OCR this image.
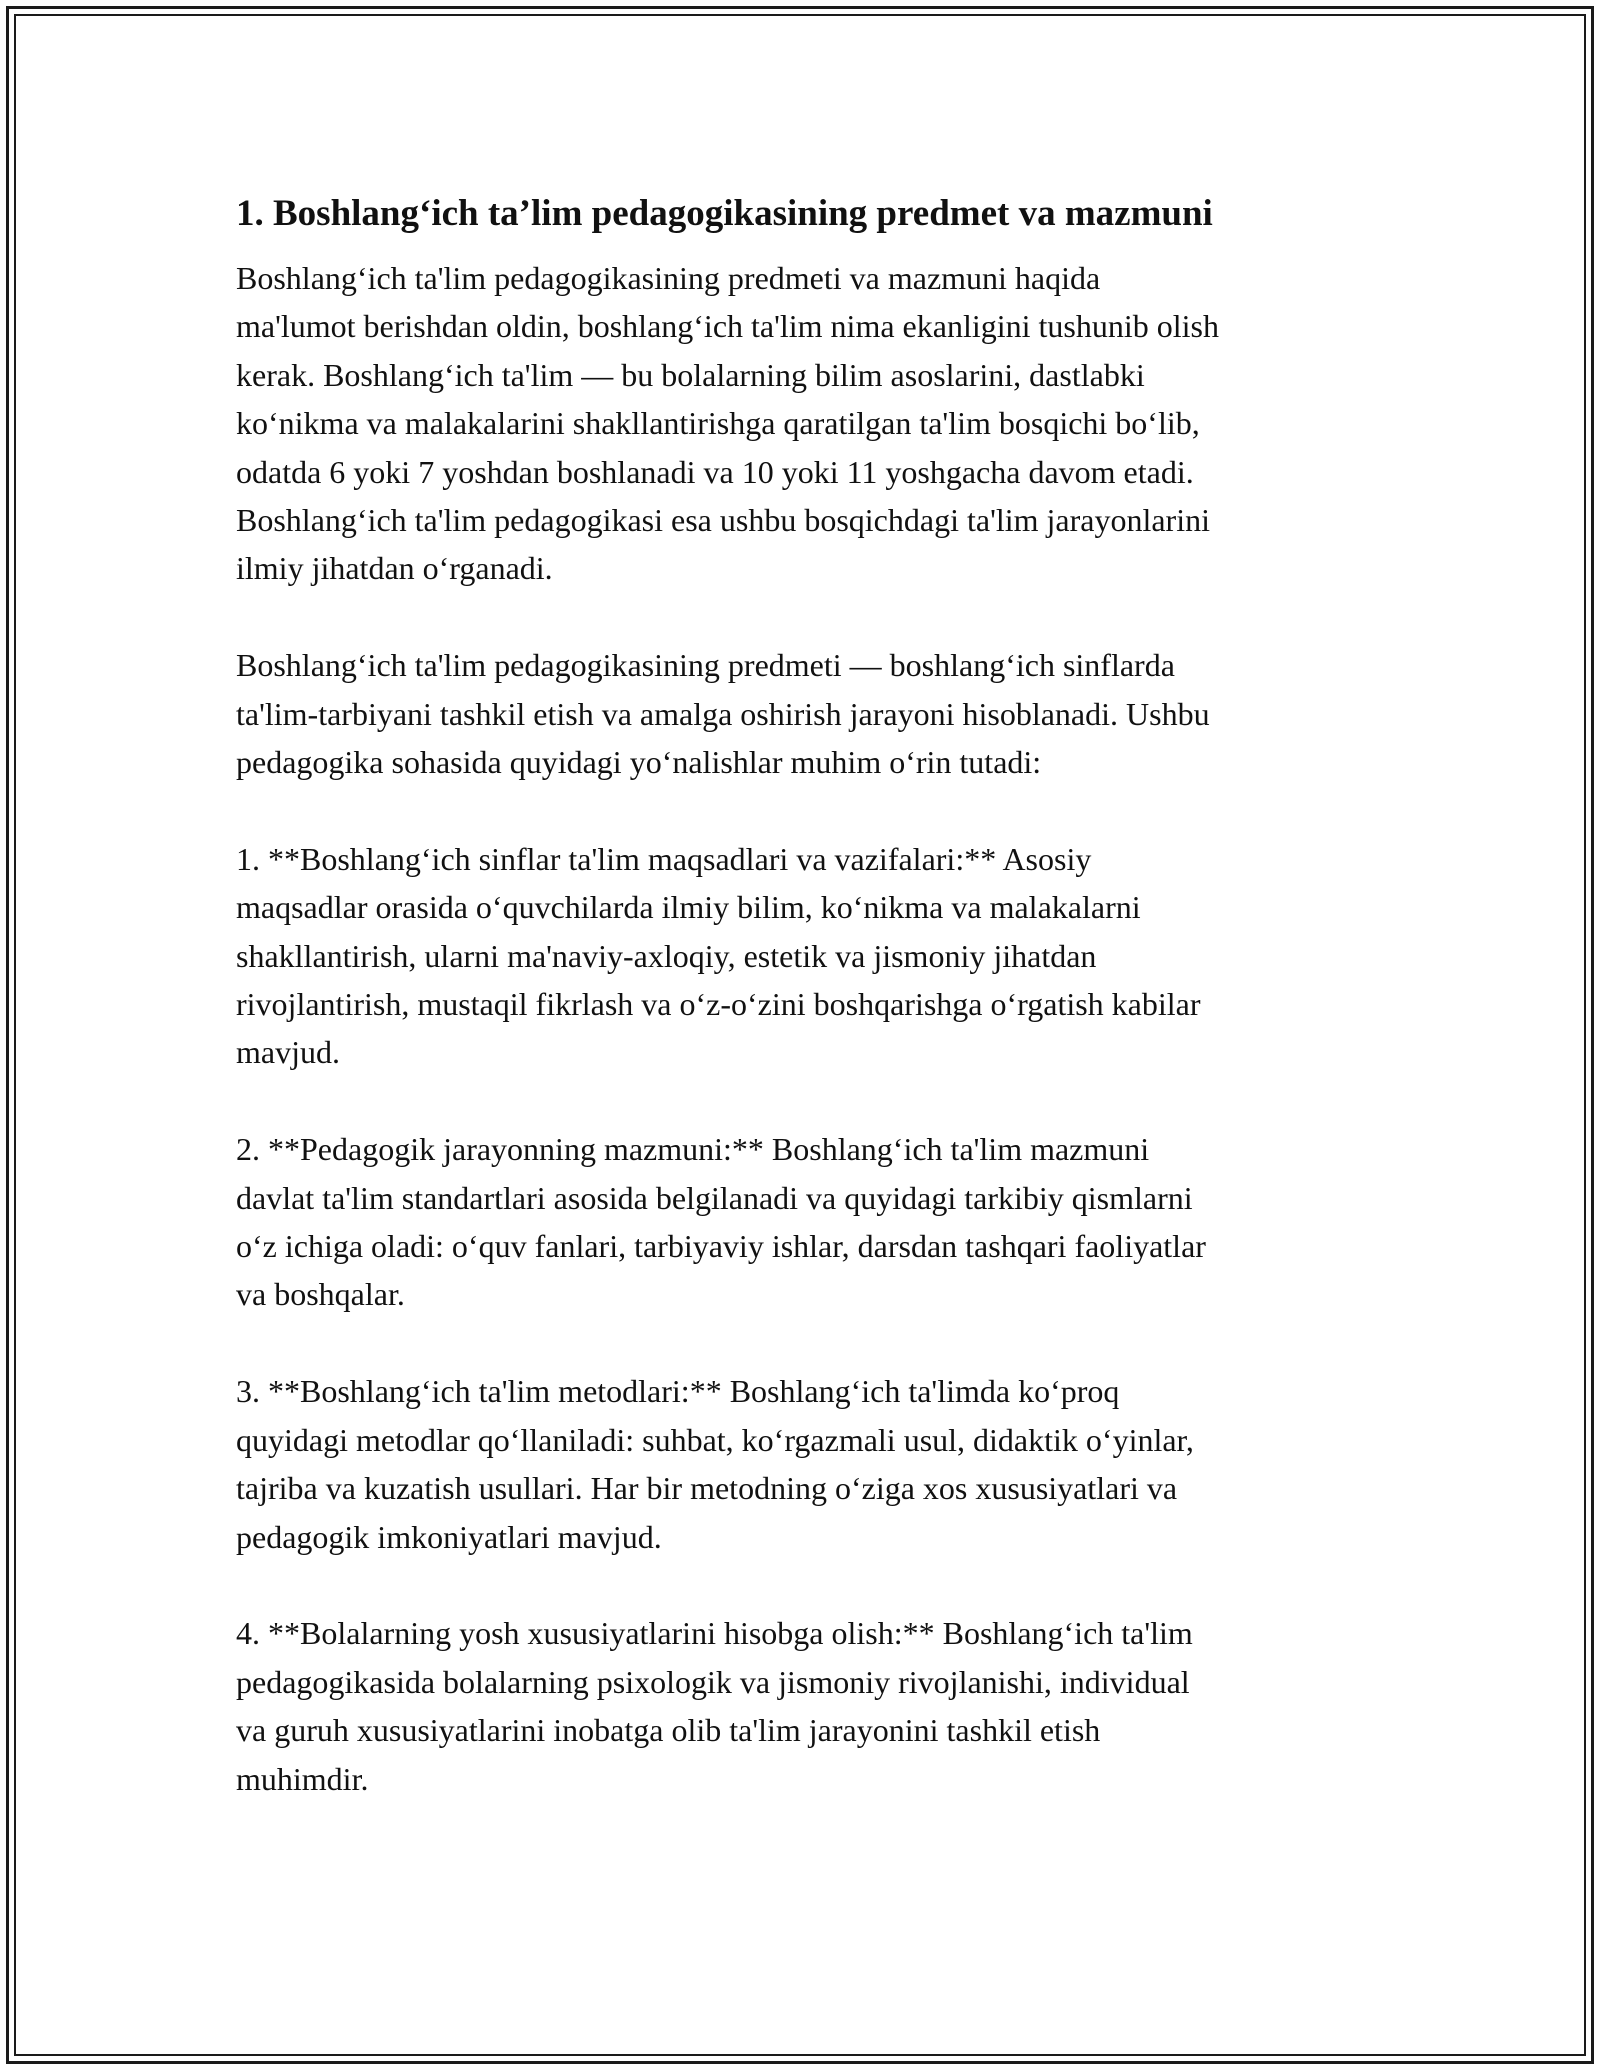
1. Boshlang‘ich ta’lim pedagogikasining predmet va mazmuni

Boshlang‘ich ta'lim pedagogikasining predmeti va mazmuni haqida
ma'lumot berishdan oldin, boshlang‘ich ta'lim nima ekanligini tushunib olish
kerak. Boshlang‘ich ta'lim — bu bolalarning bilim asoslarini, dastlabki
ko‘nikma va malakalarini shakllantirishga qaratilgan ta'lim bosqichi bo‘lib,
odatda 6 yoki 7 yoshdan boshlanadi va 10 yoki 11 yoshgacha davom etadi.
Boshlang‘ich ta'lim pedagogikasi esa ushbu bosqichdagi ta'lim jarayonlarini
ilmiy jihatdan o‘rganadi.

Boshlang‘ich ta'lim pedagogikasining predmeti — boshlang‘ich sinflarda
ta'lim-tarbiyani tashkil etish va amalga oshirish jarayoni hisoblanadi. Ushbu
pedagogika sohasida quyidagi yo‘nalishlar muhim o‘rin tutadi:

1. **Boshlang‘ich sinflar ta'lim maqsadlari va vazifalari:** Asosiy
maqsadlar orasida o‘quvchilarda ilmiy bilim, ko‘nikma va malakalarni
shakllantirish, ularni ma'naviy-axloqiy, estetik va jismoniy jihatdan
rivojlantirish, mustaqil fikrlash va o‘z-o‘zini boshqarishga o‘rgatish kabilar
mavjud.

2. **Pedagogik jarayonning mazmuni:** Boshlang‘ich ta'lim mazmuni
davlat ta'lim standartlari asosida belgilanadi va quyidagi tarkibiy qismlarni
o‘z ichiga oladi: o‘quv fanlari, tarbiyaviy ishlar, darsdan tashqari faoliyatlar
va boshqalar.

3. **Boshlang‘ich ta'lim metodlari:** Boshlang‘ich ta'limda ko‘proq
quyidagi metodlar qo‘llaniladi: suhbat, ko‘rgazmali usul, didaktik o‘yinlar,
tajriba va kuzatish usullari. Har bir metodning o‘ziga xos xususiyatlari va
pedagogik imkoniyatlari mavjud.

4. **Bolalarning yosh xususiyatlarini hisobga olish:** Boshlang‘ich ta'lim
pedagogikasida bolalarning psixologik va jismoniy rivojlanishi, individual
va guruh xususiyatlarini inobatga olib ta'lim jarayonini tashkil etish
muhimdir.
